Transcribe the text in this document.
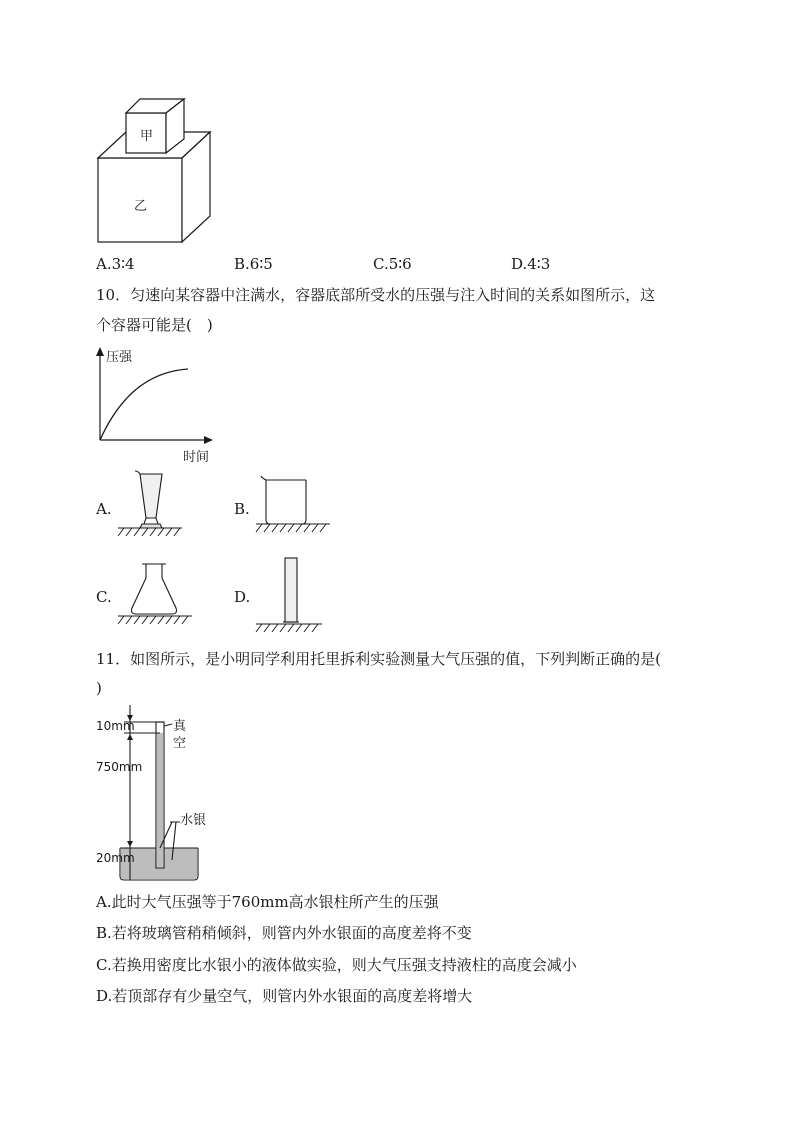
甲
乙
A.3∶4	B.6∶5	C.5∶6	D.4∶3
10．匀速向某容器中注满水，容器底部所受水的压强与注入时间的关系如图所示，这
个容器可能是(　)
压强
时间
A.	B.
C.	D.
11．如图所示，是小明同学利用托里拆利实验测量大气压强的值，下列判断正确的是(
)
10mm
750mm
20mm
真
空
水银
A.此时大气压强等于760mm高水银柱所产生的压强
B.若将玻璃管稍稍倾斜，则管内外水银面的高度差将不变
C.若换用密度比水银小的液体做实验，则大气压强支持液柱的高度会减小
D.若顶部存有少量空气，则管内外水银面的高度差将增大
